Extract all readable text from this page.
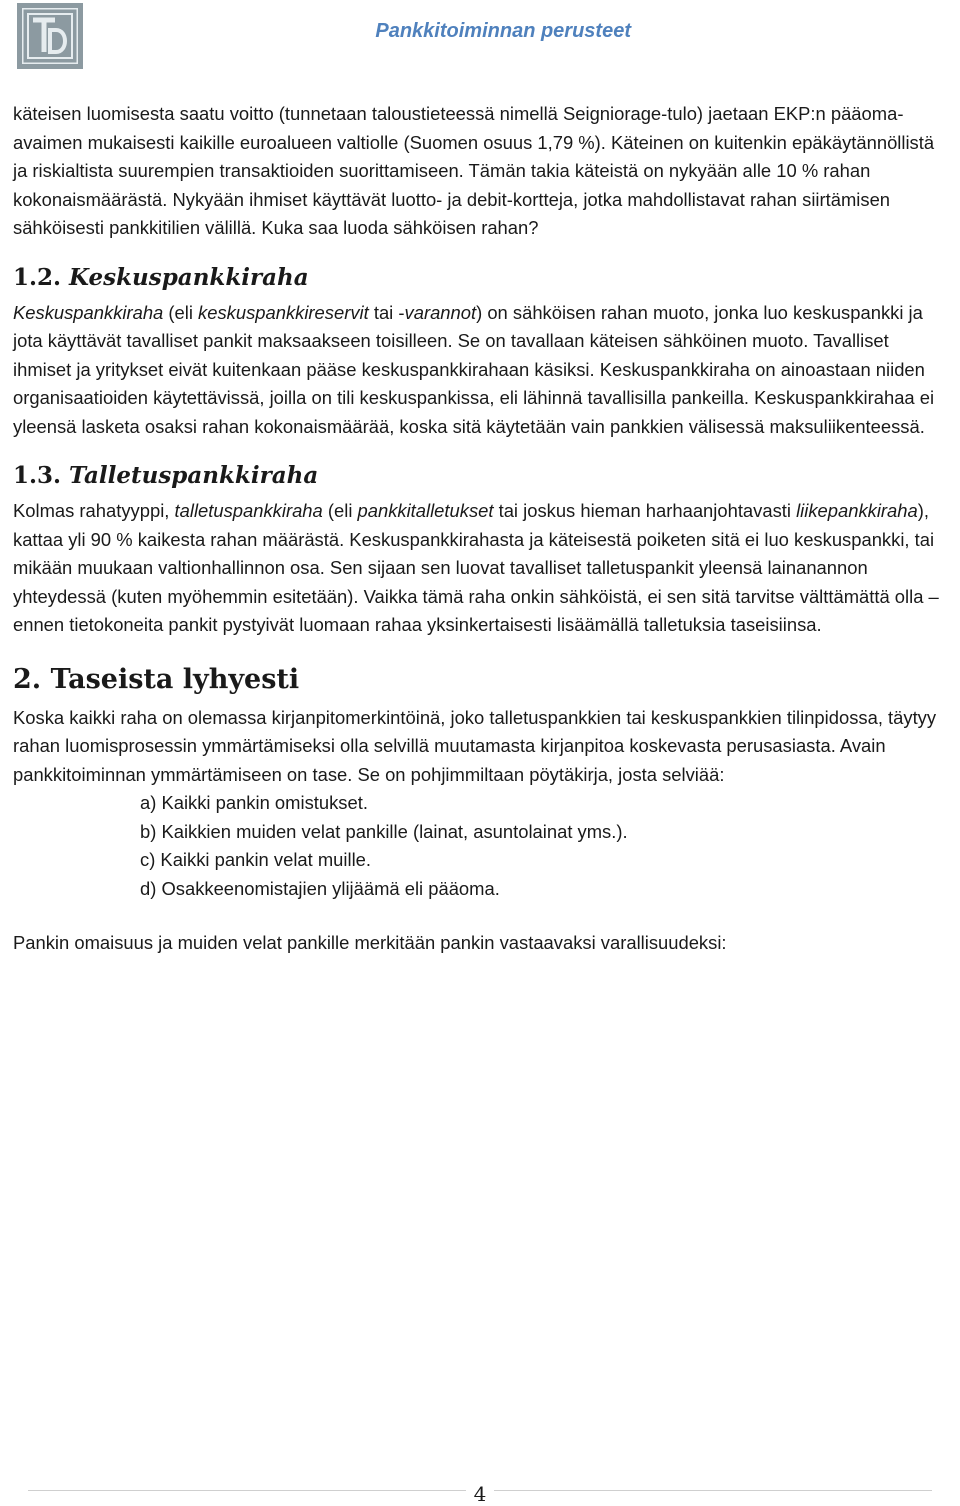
Pankkitoiminnan perusteet

käteisen luomisesta saatu voitto (tunnetaan taloustieteessä nimellä Seigniorage-tulo) jaetaan EKP:n pääoma-avaimen mukaisesti kaikille euroalueen valtiolle (Suomen osuus 1,79 %). Käteinen on kuitenkin epäkäytännöllistä ja riskialtista suurempien transaktioiden suorittamiseen. Tämän takia käteistä on nykyään alle 10 % rahan kokonaismäärästä. Nykyään ihmiset käyttävät luotto- ja debit-kortteja, jotka mahdollistavat rahan siirtämisen sähköisesti pankkitilien välillä. Kuka saa luoda sähköisen rahan?

1.2. Keskuspankkiraha

Keskuspankkiraha (eli keskuspankkireservit tai -varannot) on sähköisen rahan muoto, jonka luo keskuspankki ja jota käyttävät tavalliset pankit maksaakseen toisilleen. Se on tavallaan käteisen sähköinen muoto. Tavalliset ihmiset ja yritykset eivät kuitenkaan pääse keskuspankkirahaan käsiksi. Keskuspankkiraha on ainoastaan niiden organisaatioiden käytettävissä, joilla on tili keskuspankissa, eli lähinnä tavallisilla pankeilla. Keskuspankkirahaa ei yleensä lasketa osaksi rahan kokonaismäärää, koska sitä käytetään vain pankkien välisessä maksuliikenteessä.

1.3. Talletuspankkiraha

Kolmas rahatyyppi, talletuspankkiraha (eli pankkitalletukset tai joskus hieman harhaanjohtavasti liikepankkiraha), kattaa yli 90 % kaikesta rahan määrästä. Keskuspankkirahasta ja käteisestä poiketen sitä ei luo keskuspankki, tai mikään muukaan valtionhallinnon osa. Sen sijaan sen luovat tavalliset talletuspankit yleensä lainanannon yhteydessä (kuten myöhemmin esitetään). Vaikka tämä raha onkin sähköistä, ei sen sitä tarvitse välttämättä olla – ennen tietokoneita pankit pystyivät luomaan rahaa yksinkertaisesti lisäämällä talletuksia taseisiinsa.

2. Taseista lyhyesti

Koska kaikki raha on olemassa kirjanpitomerkintöinä, joko talletuspankkien tai keskuspankkien tilinpidossa, täytyy rahan luomisprosessin ymmärtämiseksi olla selvillä muutamasta kirjanpitoa koskevasta perusasiasta. Avain pankkitoiminnan ymmärtämiseen on tase. Se on pohjimmiltaan pöytäkirja, josta selviää:

a) Kaikki pankin omistukset.
b) Kaikkien muiden velat pankille (lainat, asuntolainat yms.).
c) Kaikki pankin velat muille.
d) Osakkeenomistajien ylijäämä eli pääoma.

Pankin omaisuus ja muiden velat pankille merkitään pankin vastaavaksi varallisuudeksi:

4
